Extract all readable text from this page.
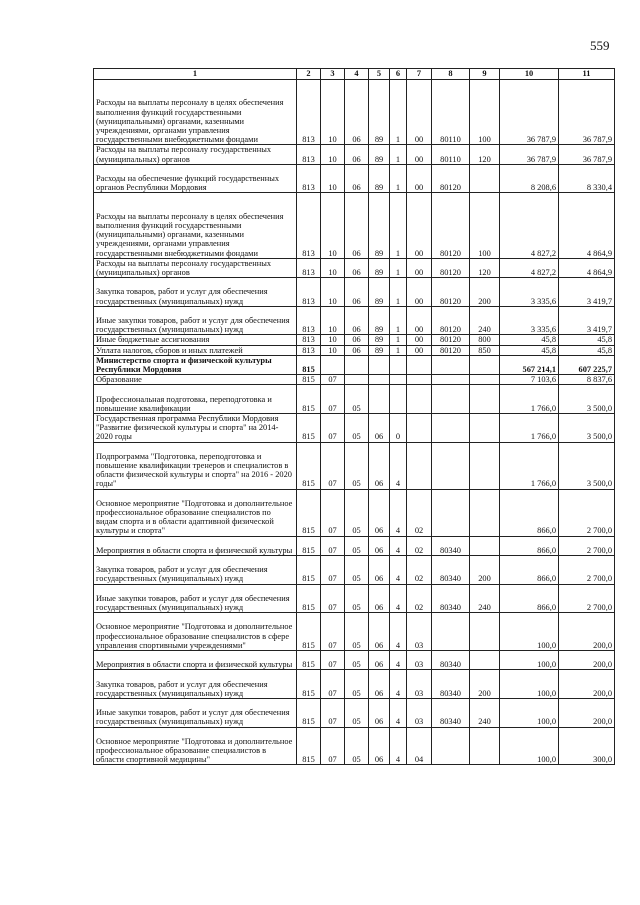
559
1	2	3	4	5	6	7	8	9	10	11
Расходы на выплаты персоналу в целях обеспечения выполнения функций государственными (муниципальными) органами, казенными учреждениями, органами управления государственными внебюджетными фондами	813	10	06	89	1	00	80110	100	36 787,9	36 787,9
Расходы на выплаты персоналу государственных (муниципальных) органов	813	10	06	89	1	00	80110	120	36 787,9	36 787,9
Расходы на обеспечение функций государственных органов Республики Мордовия	813	10	06	89	1	00	80120		8 208,6	8 330,4
Расходы на выплаты персоналу в целях обеспечения выполнения функций государственными (муниципальными) органами, казенными учреждениями, органами управления государственными внебюджетными фондами	813	10	06	89	1	00	80120	100	4 827,2	4 864,9
Расходы на выплаты персоналу государственных (муниципальных) органов	813	10	06	89	1	00	80120	120	4 827,2	4 864,9
Закупка товаров, работ и услуг для обеспечения государственных (муниципальных) нужд	813	10	06	89	1	00	80120	200	3 335,6	3 419,7
Иные закупки товаров, работ и услуг для обеспечения государственных (муниципальных) нужд	813	10	06	89	1	00	80120	240	3 335,6	3 419,7
Иные бюджетные ассигнования	813	10	06	89	1	00	80120	800	45,8	45,8
Уплата налогов, сборов и иных платежей	813	10	06	89	1	00	80120	850	45,8	45,8
Министерство спорта и физической культуры Республики Мордовия	815								567 214,1	607 225,7
Образование	815	07							7 103,6	8 837,6
Профессиональная подготовка, переподготовка и повышение квалификации	815	07	05						1 766,0	3 500,0
Государственная программа Республики Мордовия "Развитие физической культуры и спорта" на 2014-2020 годы	815	07	05	06	0				1 766,0	3 500,0
Подпрограмма "Подготовка, переподготовка и повышение квалификации тренеров и специалистов в области физической культуры и спорта" на 2016 - 2020 годы"	815	07	05	06	4				1 766,0	3 500,0
Основное мероприятие "Подготовка и дополнительное профессиональное образование специалистов по видам спорта и в области адаптивной физической культуры и спорта"	815	07	05	06	4	02			866,0	2 700,0
Мероприятия в области спорта и физической культуры	815	07	05	06	4	02	80340		866,0	2 700,0
Закупка товаров, работ и услуг для обеспечения государственных (муниципальных) нужд	815	07	05	06	4	02	80340	200	866,0	2 700,0
Иные закупки товаров, работ и услуг для обеспечения государственных (муниципальных) нужд	815	07	05	06	4	02	80340	240	866,0	2 700,0
Основное мероприятие "Подготовка и дополнительное профессиональное образование специалистов в сфере управления спортивными учреждениями"	815	07	05	06	4	03			100,0	200,0
Мероприятия в области спорта и физической культуры	815	07	05	06	4	03	80340		100,0	200,0
Закупка товаров, работ и услуг для обеспечения государственных (муниципальных) нужд	815	07	05	06	4	03	80340	200	100,0	200,0
Иные закупки товаров, работ и услуг для обеспечения государственных (муниципальных) нужд	815	07	05	06	4	03	80340	240	100,0	200,0
Основное мероприятие "Подготовка и дополнительное профессиональное образование специалистов в области спортивной медицины"	815	07	05	06	4	04			100,0	300,0
